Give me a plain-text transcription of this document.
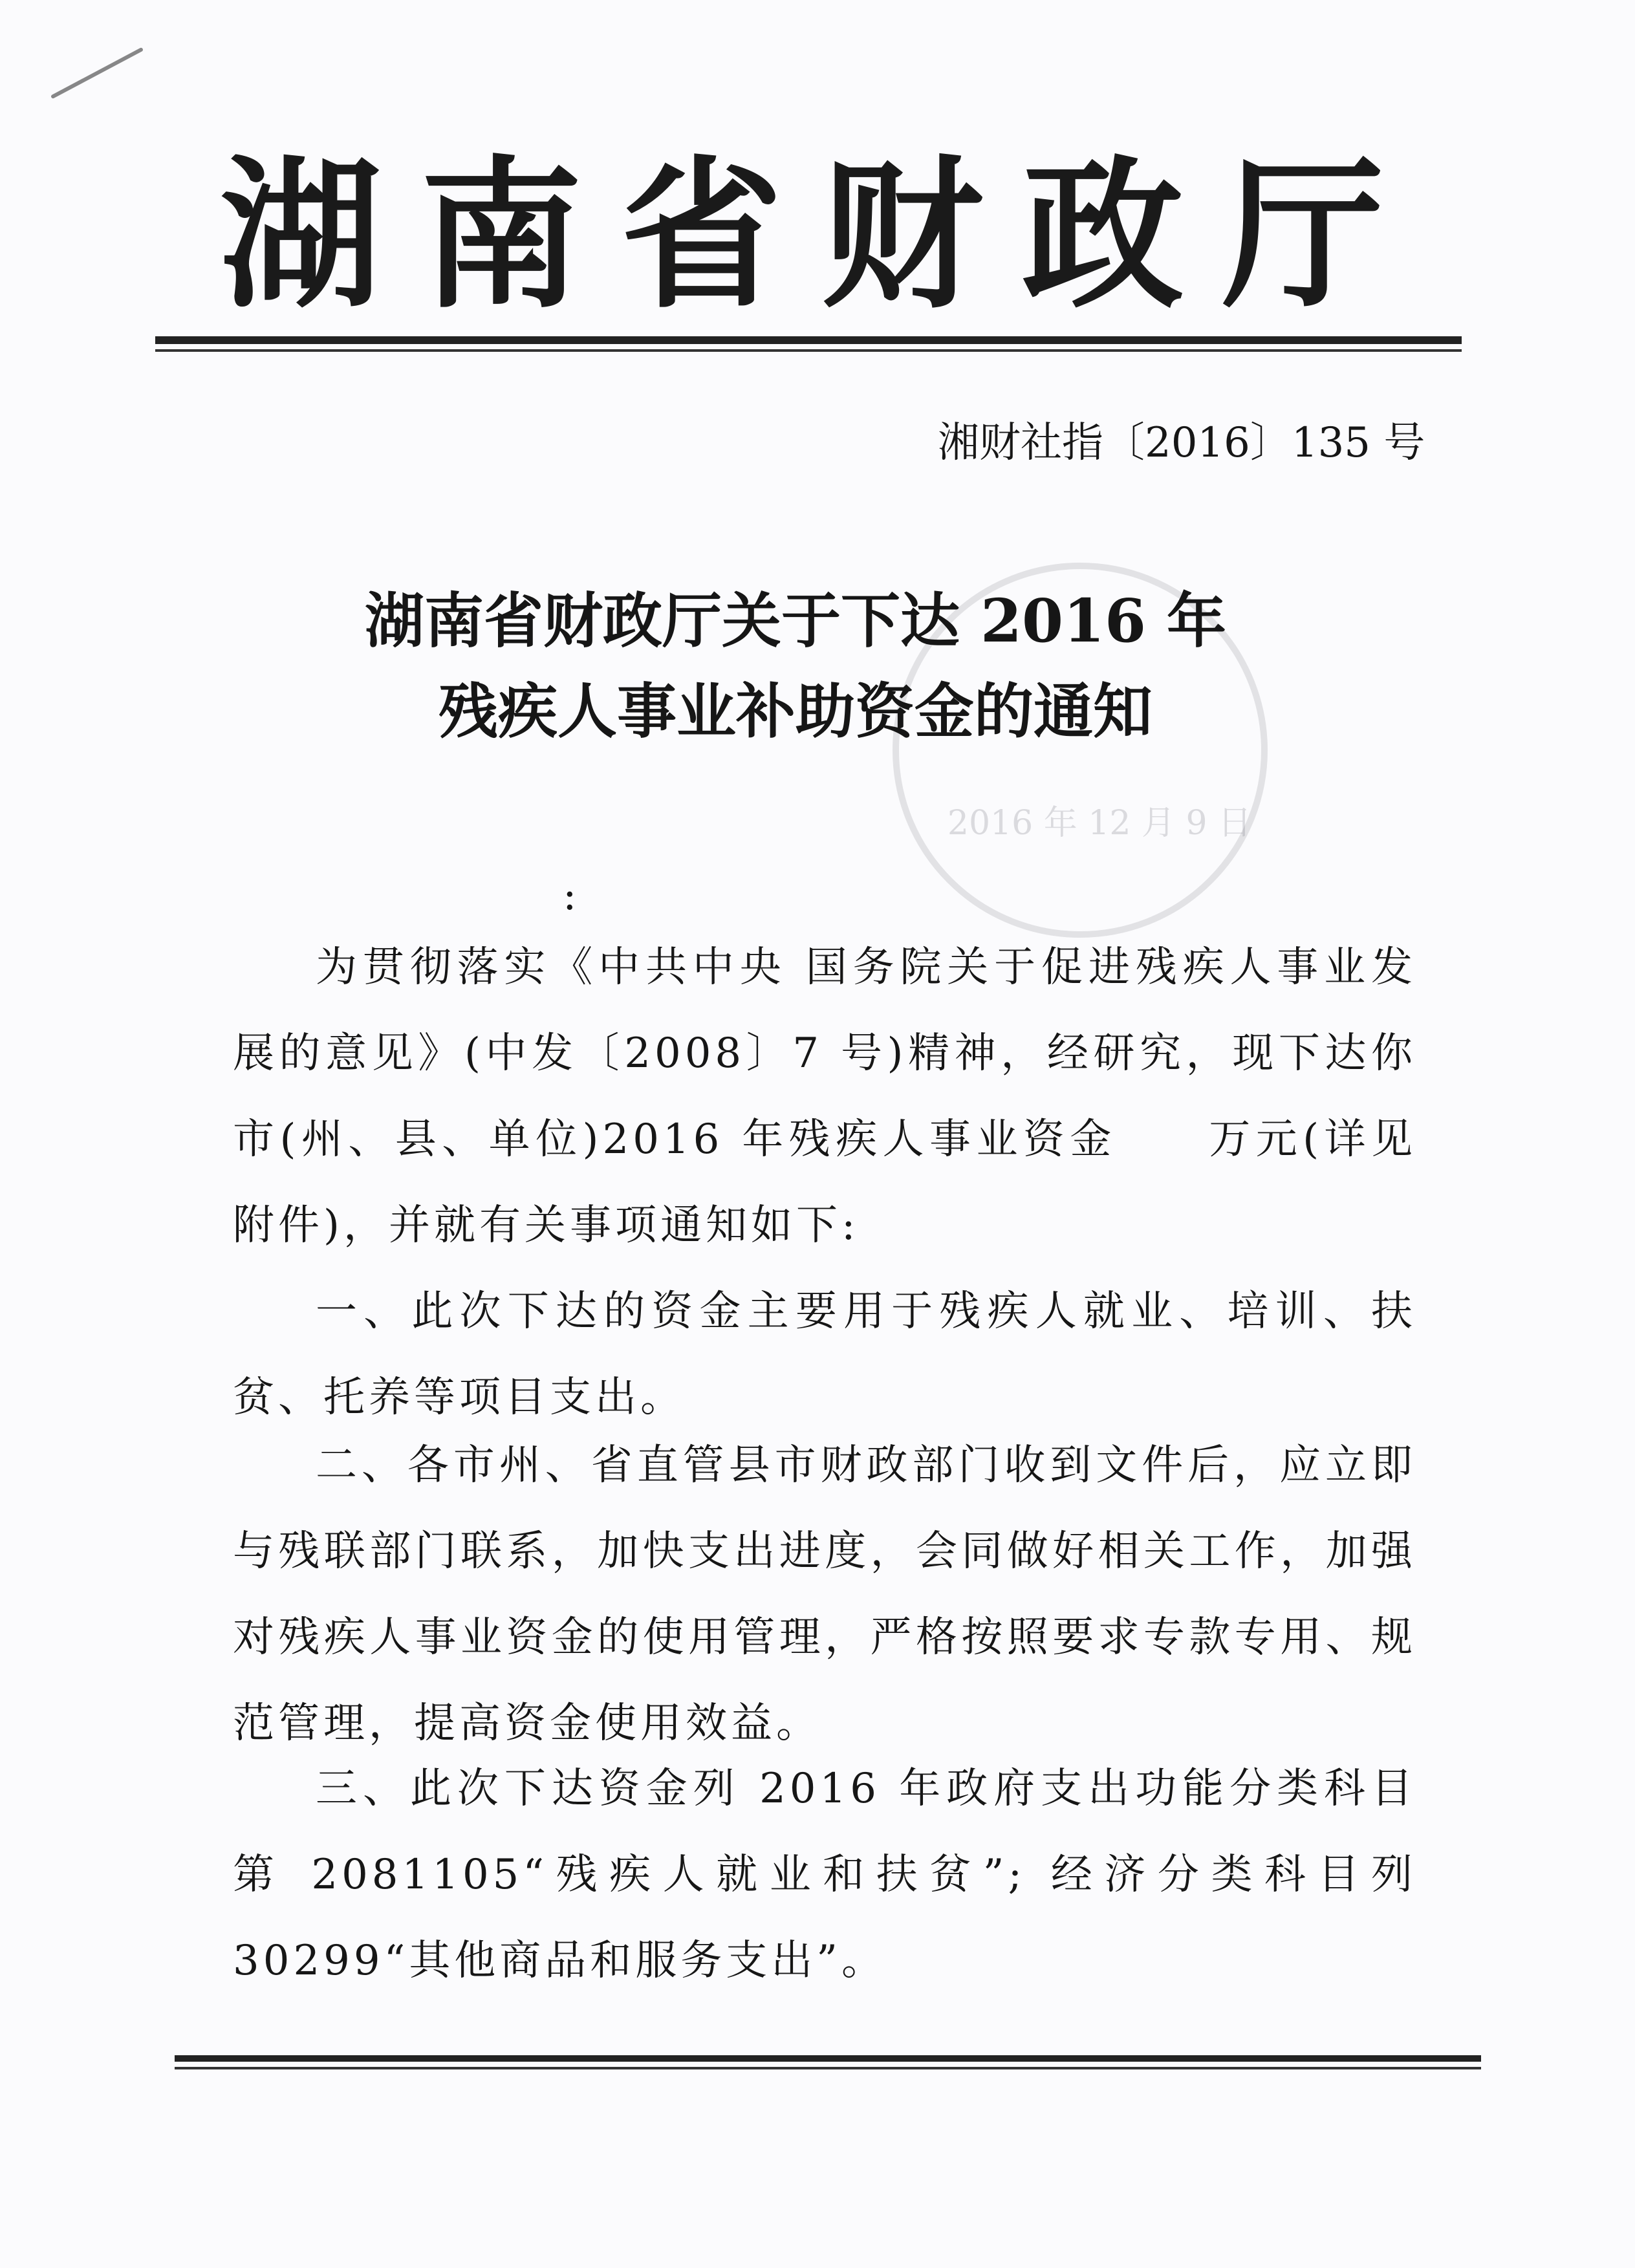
湖南省财政厅
湘财社指〔2016〕135 号
2016 年 12 月 9 日
湖南省财政厅关于下达 2016 年
残疾人事业补助资金的通知
:
为贯彻落实《中共中央 国务院关于促进残疾人事业发展的意见》(中发〔2008〕7 号)精神，经研究，现下达你市(州、县、单位)2016 年残疾人事业资金 万元(详见附件)，并就有关事项通知如下:
一、此次下达的资金主要用于残疾人就业、培训、扶贫、托养等项目支出。
二、各市州、省直管县市财政部门收到文件后，应立即与残联部门联系，加快支出进度，会同做好相关工作，加强对残疾人事业资金的使用管理，严格按照要求专款专用、规范管理，提高资金使用效益。
三、此次下达资金列 2016 年政府支出功能分类科目第 2081105“残疾人就业和扶贫”; 经济分类科目列 30299“其他商品和服务支出”。
